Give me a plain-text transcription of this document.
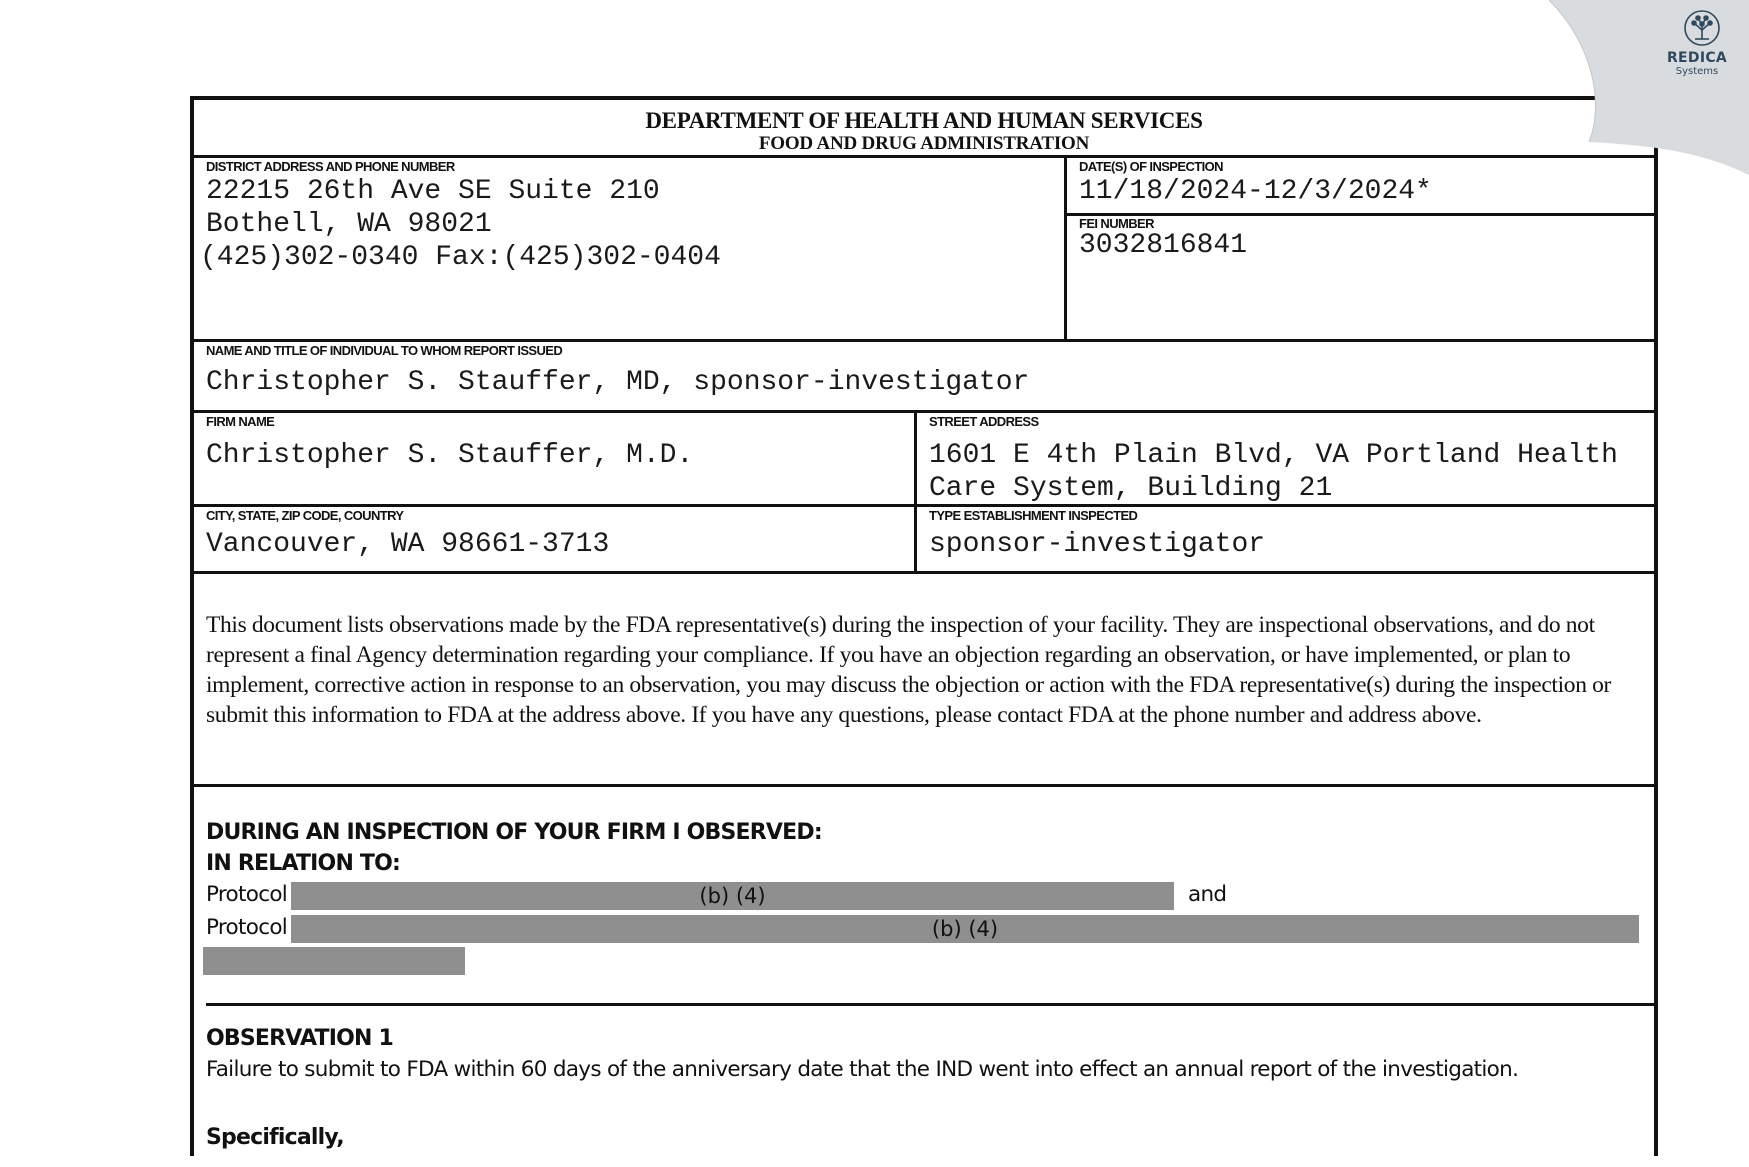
DEPARTMENT OF HEALTH AND HUMAN SERVICES
FOOD AND DRUG ADMINISTRATION
DISTRICT ADDRESS AND PHONE NUMBER
22215 26th Ave SE Suite 210
Bothell, WA 98021
(425)302-0340 Fax:(425)302-0404
DATE(S) OF INSPECTION
11/18/2024-12/3/2024*
FEI NUMBER
3032816841
NAME AND TITLE OF INDIVIDUAL TO WHOM REPORT ISSUED
Christopher S. Stauffer, MD, sponsor-investigator
FIRM NAME
Christopher S. Stauffer, M.D.
STREET ADDRESS
1601 E 4th Plain Blvd, VA Portland Health
Care System, Building 21
CITY, STATE, ZIP CODE, COUNTRY
Vancouver, WA 98661-3713
TYPE ESTABLISHMENT INSPECTED
sponsor-investigator
This document lists observations made by the FDA representative(s) during the inspection of your facility. They are inspectional observations, and do not represent a final Agency determination regarding your compliance. If you have an objection regarding an observation, or have implemented, or plan to implement, corrective action in response to an observation, you may discuss the objection or action with the FDA representative(s) during the inspection or submit this information to FDA at the address above. If you have any questions, please contact FDA at the phone number and address above.
DURING AN INSPECTION OF YOUR FIRM I OBSERVED:
IN RELATION TO:
Protocol	(b) (4)	and
Protocol	(b) (4)
OBSERVATION 1
Failure to submit to FDA within 60 days of the anniversary date that the IND went into effect an annual report of the investigation.
Specifically,
REDICA
Systems
